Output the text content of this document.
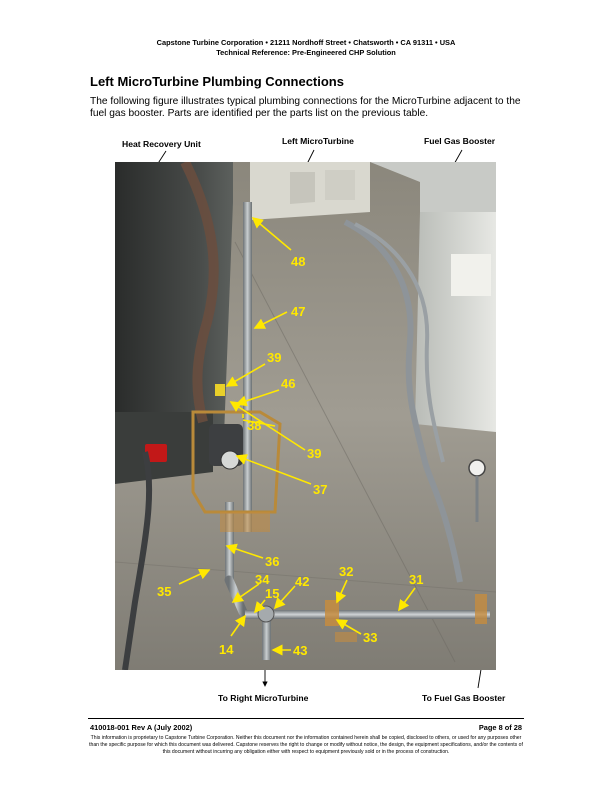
Capstone Turbine Corporation • 21211 Nordhoff Street • Chatsworth • CA 91311 • USA
Technical Reference: Pre-Engineered CHP Solution
Left MicroTurbine Plumbing Connections
The following figure illustrates typical plumbing connections for the MicroTurbine adjacent to the fuel gas booster. Parts are identified per the parts list on the previous table.
Heat Recovery Unit	Left MicroTurbine	Fuel Gas Booster
48
47
39
46
38
39
37
36
35
34 42
15
32
31
33
14	43
To Right MicroTurbine	To Fuel Gas Booster
410018-001 Rev A (July 2002)	Page 8 of 28
This information is proprietary to Capstone Turbine Corporation. Neither this document nor the information contained herein shall be copied, disclosed to others, or used for any purposes other than the specific purpose for which this document was delivered. Capstone reserves the right to change or modify without notice, the design, the equipment specifications, and/or the contents of this document without incurring any obligation either with respect to equipment previously sold or in the process of construction.
